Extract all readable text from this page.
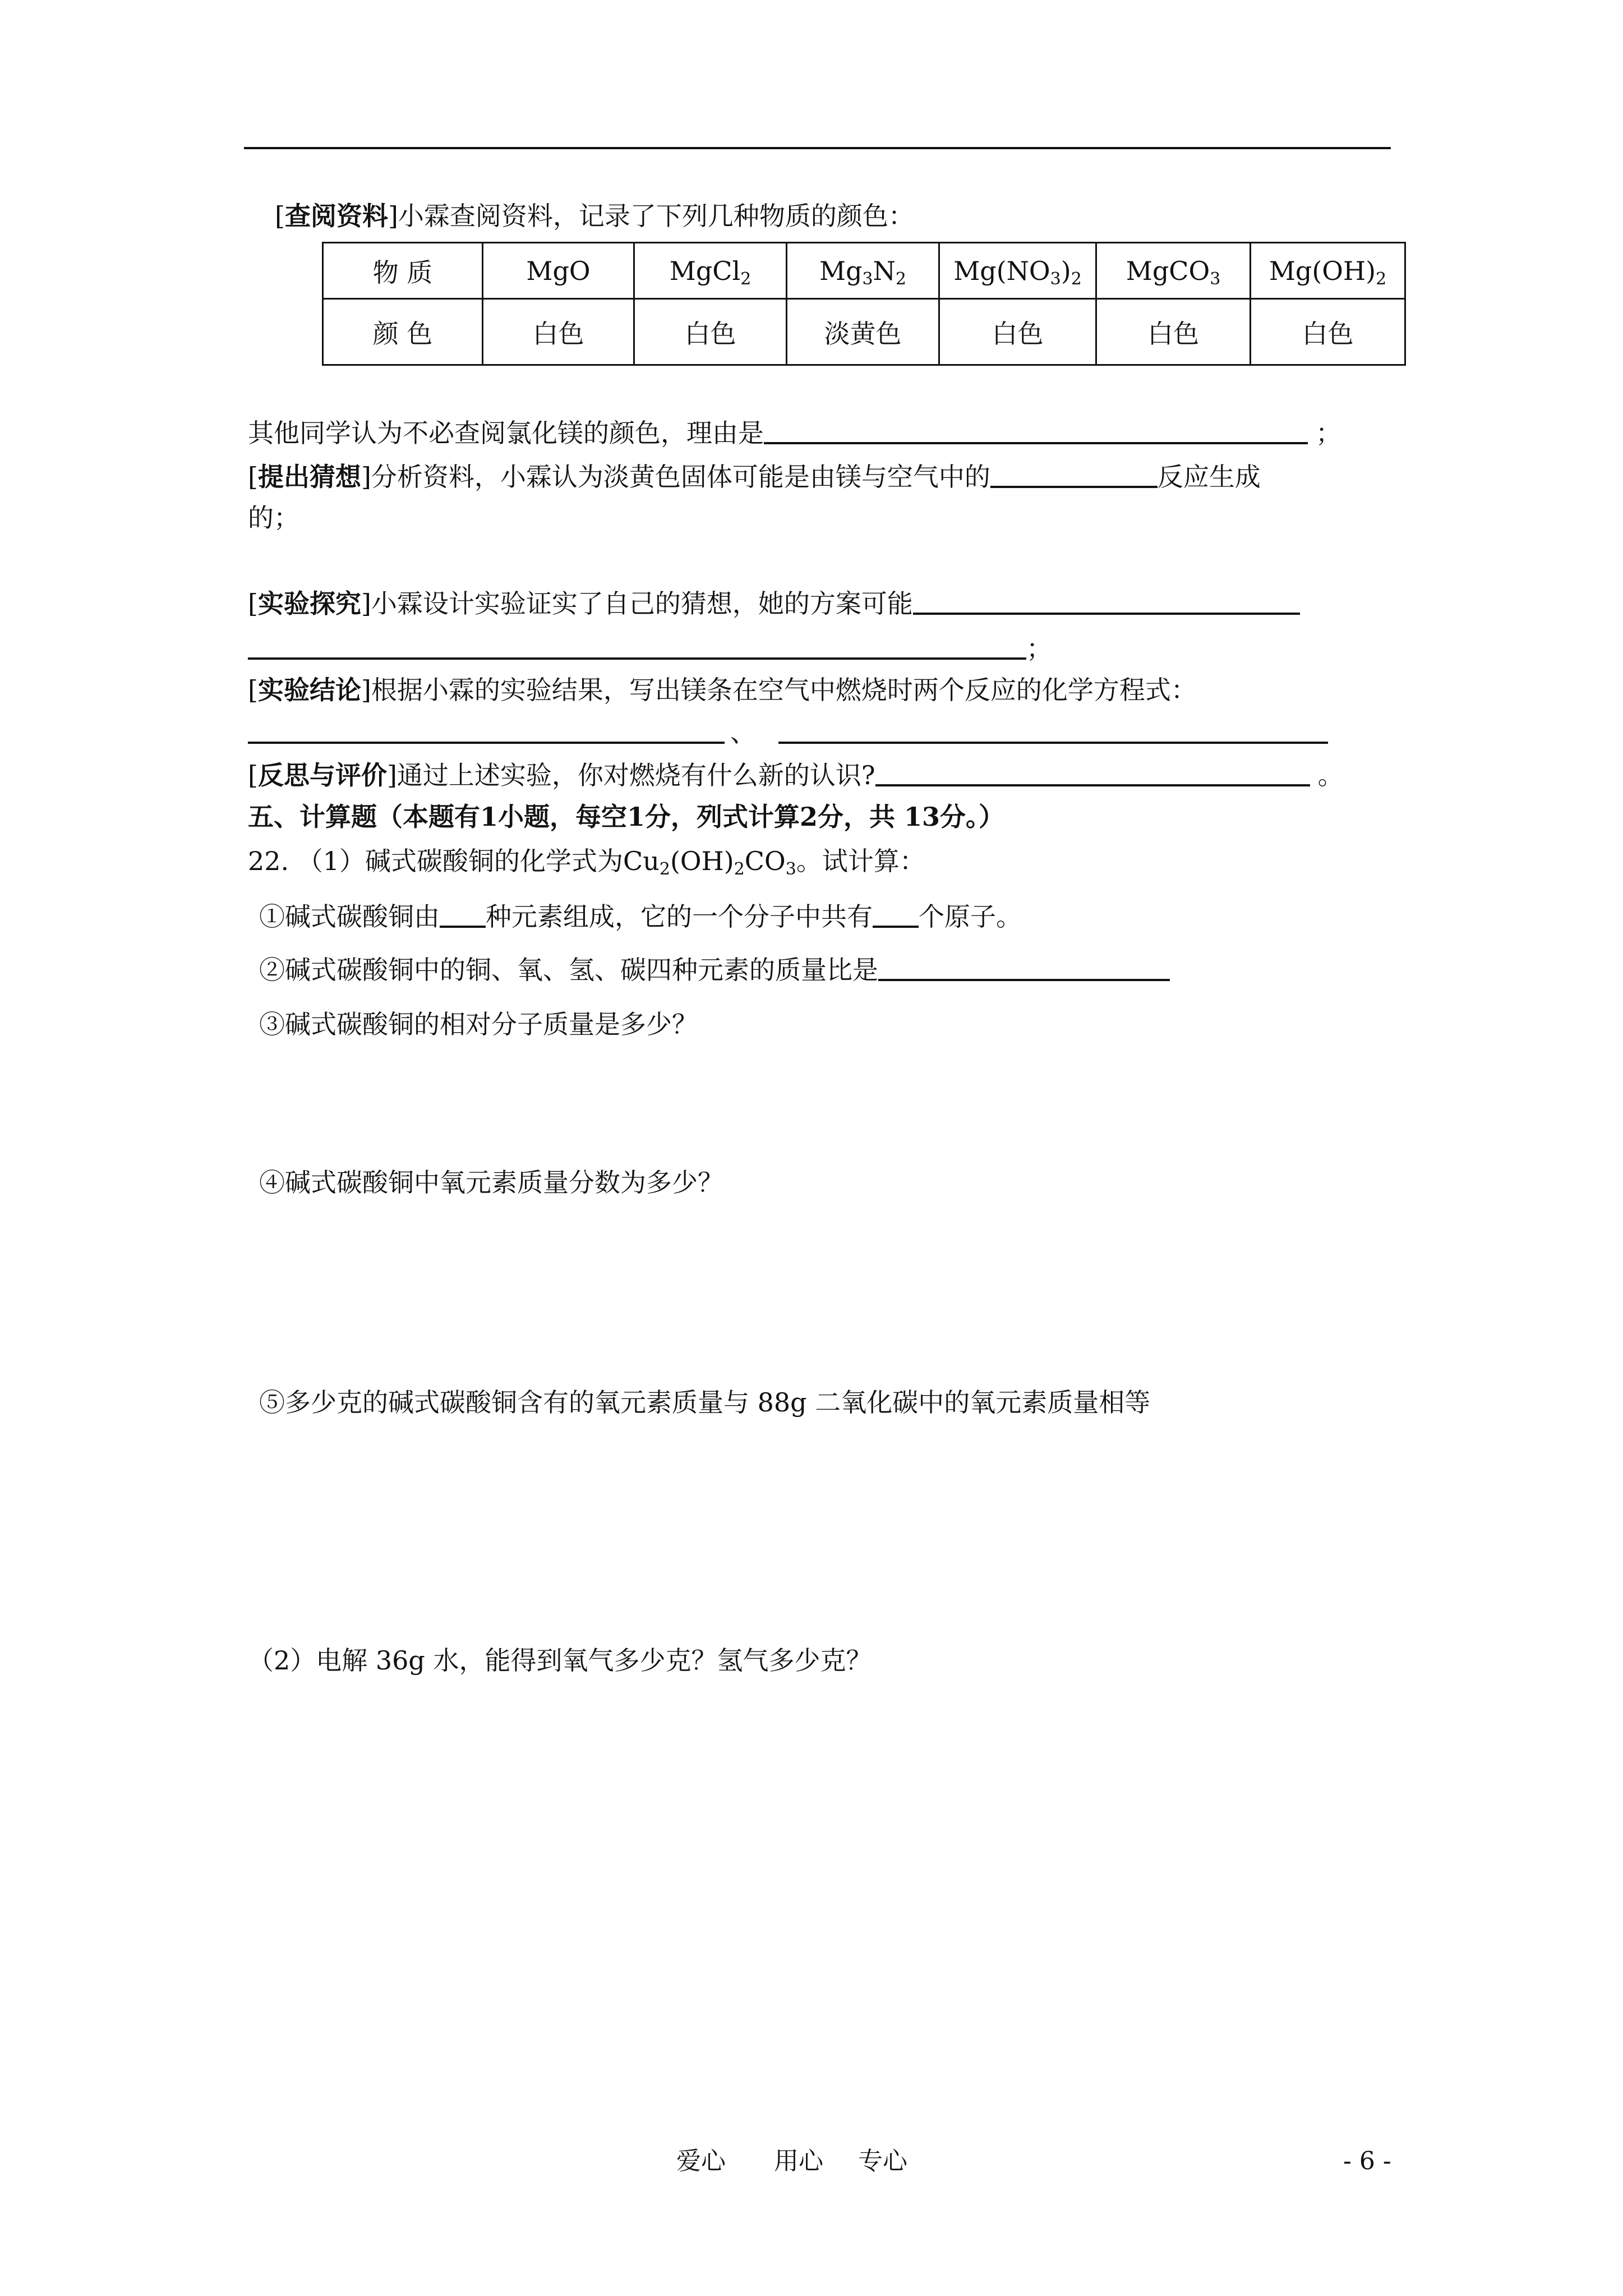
[查阅资料]小霖查阅资料，记录了下列几种物质的颜色：
物 质	MgO	MgCl$_2$	$Mg_3N_2$	$Mg(NO_3)_2$	MgCO$_3$	$Mg(OH)_2$
颜 色	白色	白色	淡黄色	白色	白色	白色
其他同学认为不必查阅氯化镁的颜色，理由是	；
[提出猜想]分析资料，小霖认为淡黄色固体可能是由镁与空气中的	反应生成
的；
[实验探究]小霖设计实验证实了自己的猜想，她的方案可能
；
[实验结论]根据小霖的实验结果，写出镁条在空气中燃烧时两个反应的化学方程式：
、
[反思与评价]通过上述实验，你对燃烧有什么新的认识?	。
五、计算题（本题有1小题，每空1分，列式计算2分，共 13分。）
22. （1）碱式碳酸铜的化学式为$Cu_2(OH)_2CO_3$。试计算：
①碱式碳酸铜由 种元素组成，它的一个分子中共有 个原子。
②碱式碳酸铜中的铜、氧、氢、碳四种元素的质量比是
③碱式碳酸铜的相对分子质量是多少？
④碱式碳酸铜中氧元素质量分数为多少？
⑤多少克的碱式碳酸铜含有的氧元素质量与 88g 二氧化碳中的氧元素质量相等
（2）电解 36g 水，能得到氧气多少克？氢气多少克？
爱心 用心 专心	- 6 -
